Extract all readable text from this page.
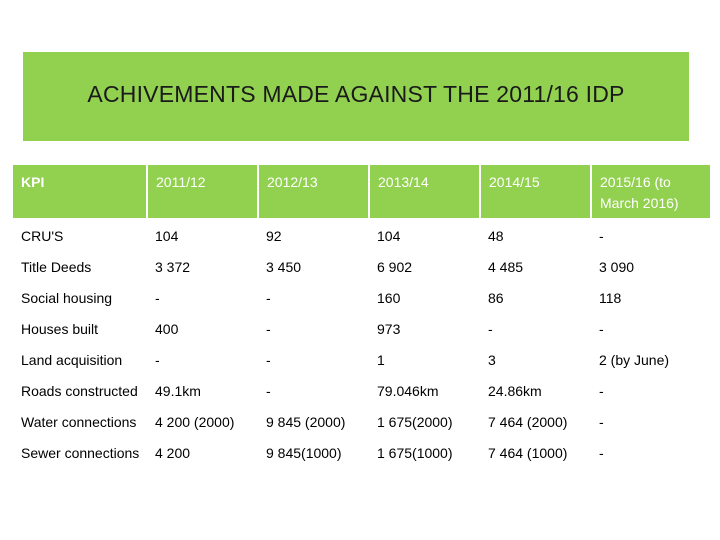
ACHIVEMENTS MADE AGAINST THE 2011/16 IDP
KPI	2011/12	2012/13	2013/14	2014/15	2015/16 (to March 2016)
CRU'S	104	92	104	48	-
Title Deeds	3 372	3 450	6 902	4 485	3 090
Social housing	-	-	160	86	118
Houses built	400	-	973	-	-
Land acquisition	-	-	1	3	2 (by June)
Roads constructed	49.1km	-	79.046km	24.86km	-
Water connections	4 200 (2000)	9 845 (2000)	1 675(2000)	7 464 (2000)	-
Sewer connections	4 200	9 845(1000)	1 675(1000)	7 464 (1000)	-
